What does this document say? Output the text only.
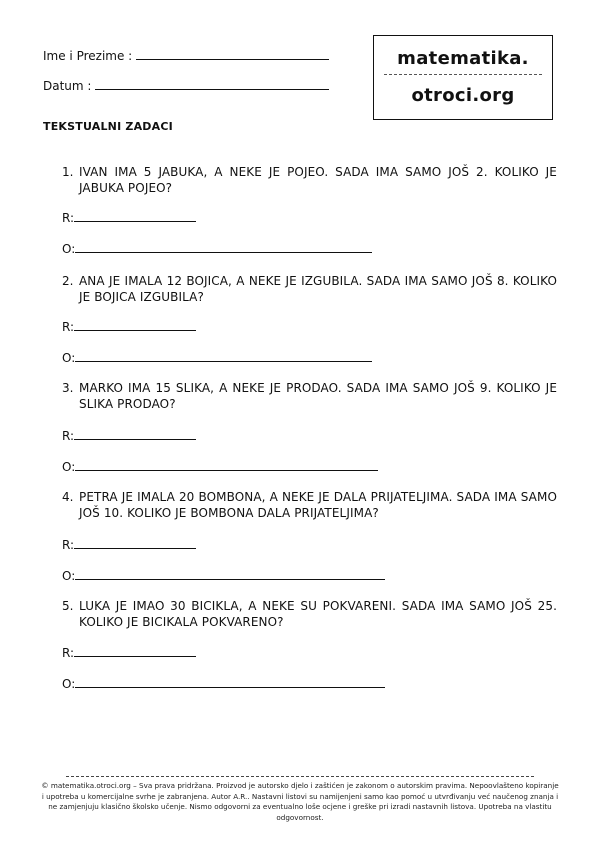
Ime i Prezime :
Datum :
matematika.
otroci.org
TEKSTUALNI ZADACI
1. IVAN IMA 5 JABUKA, A NEKE JE POJEO. SADA IMA SAMO JOŠ 2. KOLIKO JE JABUKA POJEO?
R:
O:
2. ANA JE IMALA 12 BOJICA, A NEKE JE IZGUBILA. SADA IMA SAMO JOŠ 8. KOLIKO JE BOJICA IZGUBILA?
R:
O:
3. MARKO IMA 15 SLIKA, A NEKE JE PRODAO. SADA IMA SAMO JOŠ 9. KOLIKO JE SLIKA PRODAO?
R:
O:
4. PETRA JE IMALA 20 BOMBONA, A NEKE JE DALA PRIJATELJIMA. SADA IMA SAMO JOŠ 10. KOLIKO JE BOMBONA DALA PRIJATELJIMA?
R:
O:
5. LUKA JE IMAO 30 BICIKLA, A NEKE SU POKVARENI. SADA IMA SAMO JOŠ 25. KOLIKO JE BICIKALA POKVARENO?
R:
O:
© matematika.otroci.org – Sva prava pridržana. Proizvod je autorsko djelo i zaštićen je zakonom o autorskim pravima. Nepoovlašteno kopiranje i upotreba u komercijalne svrhe je zabranjena. Autor A.R.. Nastavni listovi su namijenjeni samo kao pomoć u utvrđivanju već naučenog znanja i ne zamjenjuju klasično školsko učenje. Nismo odgovorni za eventualno loše ocjene i greške pri izradi nastavnih listova. Upotreba na vlastitu odgovornost.
